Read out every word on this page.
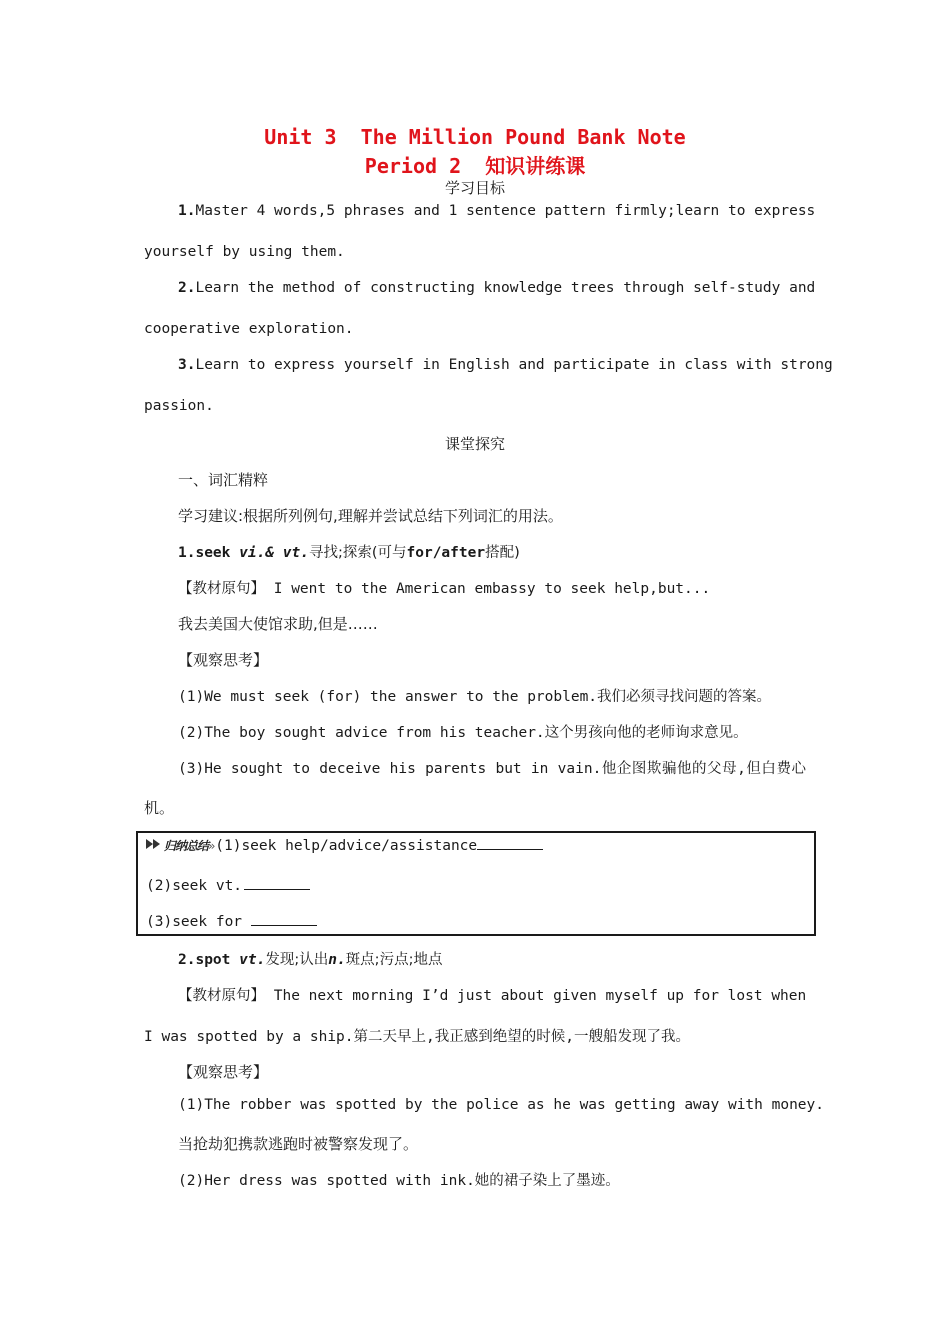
Unit 3  The Million Pound Bank Note
Period 2  知识讲练课
学习目标
1.Master 4 words,5 phrases and 1 sentence pattern firmly;learn to express
yourself by using them.
2.Learn the method of constructing knowledge trees through self-study and
cooperative exploration.
3.Learn to express yourself in English and participate in class with strong
passion.
课堂探究
一、词汇精粹
学习建议:根据所列例句,理解并尝试总结下列词汇的用法。
1.seek vi.& vt.寻找;探索(可与for/after搭配)
【教材原句】 I went to the American embassy to seek help,but...
我去美国大使馆求助,但是……
【观察思考】
(1)We must seek (for) the answer to the problem.我们必须寻找问题的答案。
(2)The boy sought advice from his teacher.这个男孩向他的老师询求意见。
(3)He sought to deceive his parents but in vain.他企图欺骗他的父母,但白费心
机。
归纳总结»(1)seek help/advice/assistance
(2)seek vt.
(3)seek for
2.spot vt.发现;认出n.斑点;污点;地点
【教材原句】 The next morning I’d just about given myself up for lost when
I was spotted by a ship.第二天早上,我正感到绝望的时候,一艘船发现了我。
【观察思考】
(1)The robber was spotted by the police as he was getting away with money.
当抢劫犯携款逃跑时被警察发现了。
(2)Her dress was spotted with ink.她的裙子染上了墨迹。
